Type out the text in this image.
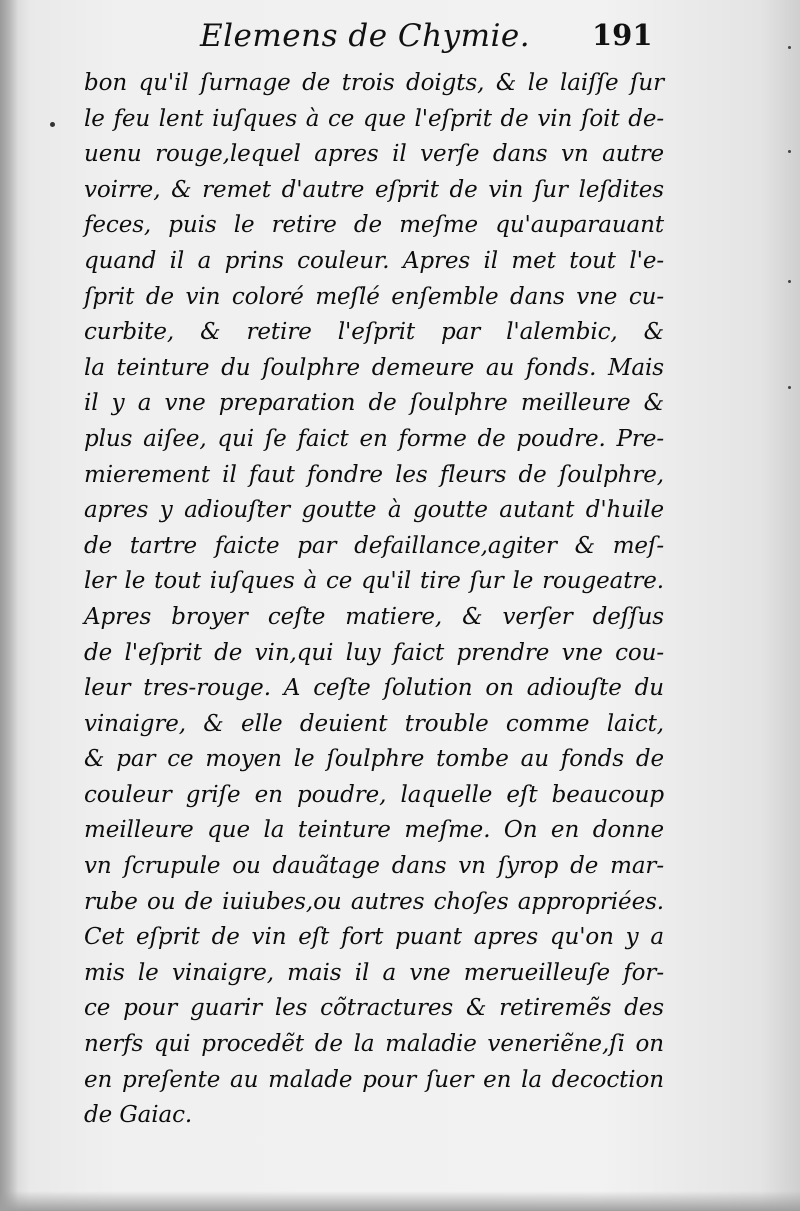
Elemens de Chymie. 191
bon qu'il ſurnage de trois doigts, & le laiſſe ſur
le feu lent iuſques à ce que l'eſprit de vin ſoit de-
uenu rouge,lequel apres il verſe dans vn autre
voirre, & remet d'autre eſprit de vin ſur leſdites
feces, puis le retire de meſme qu'auparauant
quand il a prins couleur. Apres il met tout l'e-
ſprit de vin coloré meſlé enſemble dans vne cu-
curbite, & retire l'eſprit par l'alembic, &
la teinture du ſoulphre demeure au fonds. Mais
il y a vne preparation de ſoulphre meilleure &
plus aiſee, qui ſe faict en forme de poudre. Pre-
mierement il faut fondre les fleurs de ſoulphre,
apres y adiouſter goutte à goutte autant d'huile
de tartre faicte par defaillance,agiter & meſ-
ler le tout iuſques à ce qu'il tire ſur le rougeatre.
Apres broyer ceſte matiere, & verſer deſſus
de l'eſprit de vin,qui luy faict prendre vne cou-
leur tres-rouge. A ceſte ſolution on adiouſte du
vinaigre, & elle deuient trouble comme laict,
& par ce moyen le ſoulphre tombe au fonds de
couleur griſe en poudre, laquelle eſt beaucoup
meilleure que la teinture meſme. On en donne
vn ſcrupule ou dauãtage dans vn ſyrop de mar-
rube ou de iuiubes,ou autres choſes appropriées.
Cet eſprit de vin eſt fort puant apres qu'on y a
mis le vinaigre, mais il a vne merueilleuſe for-
ce pour guarir les cõtractures & retiremẽs des
nerfs qui procedẽt de la maladie veneriẽne,ſi on
en preſente au malade pour ſuer en la decoction
de Gaiac.
